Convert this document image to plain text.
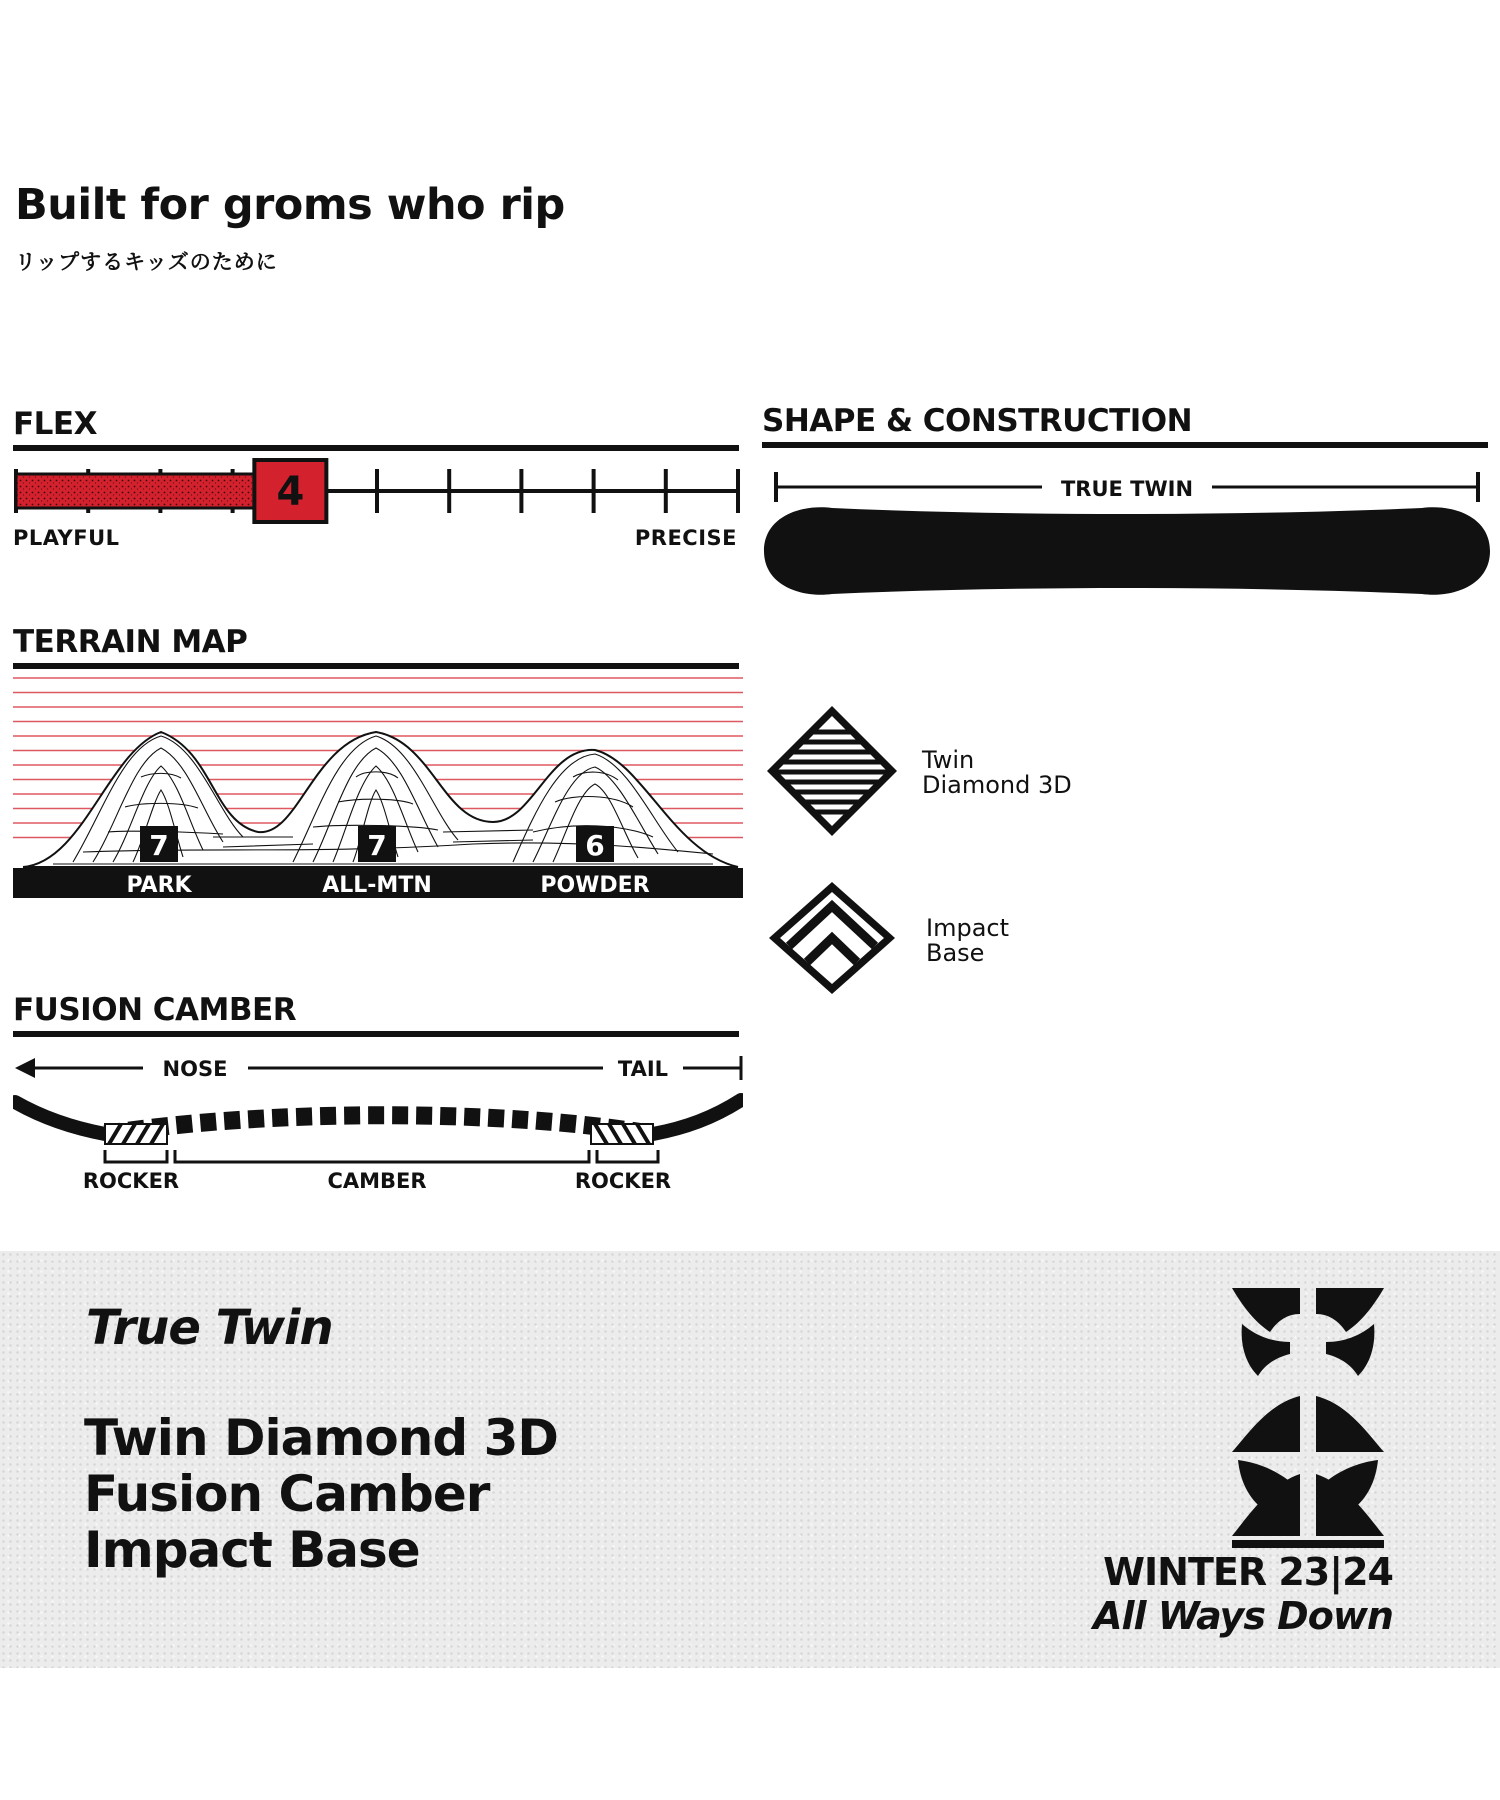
Built for groms who rip

リップするキッズのために

FLEX
4
PLAYFUL	PRECISE
TERRAIN MAP
7
PARK
7
ALL-MTN
6
POWDER
FUSION CAMBER
NOSE	TAIL
ROCKER	CAMBER	ROCKER
SHAPE & CONSTRUCTION
TRUE TWIN
Twin
Diamond 3D
Impact
Base
True Twin
Twin Diamond 3D
Fusion Camber
Impact Base	WINTER 23|24
All Ways Down
